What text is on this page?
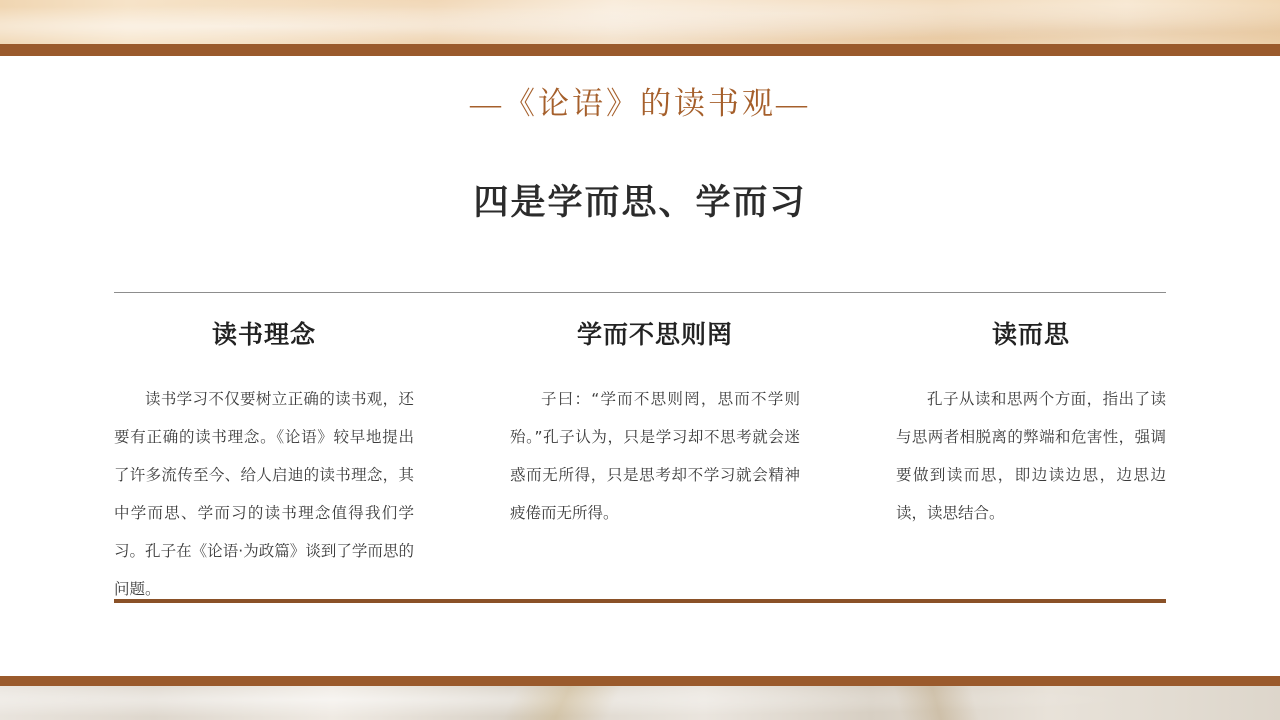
—《论语》的读书观—
四是学而思、学而习
读书理念
读书学习不仅要树立正确的读书观，还要有正确的读书理念。《论语》较早地提出了许多流传至今、给人启迪的读书理念，其中学而思、学而习的读书理念值得我们学习。孔子在《论语·为政篇》谈到了学而思的问题。
学而不思则罔
子曰：“学而不思则罔，思而不学则殆。”孔子认为，只是学习却不思考就会迷惑而无所得，只是思考却不学习就会精神疲倦而无所得。
读而思
孔子从读和思两个方面，指出了读与思两者相脱离的弊端和危害性，强调要做到读而思，即边读边思，边思边读，读思结合。
